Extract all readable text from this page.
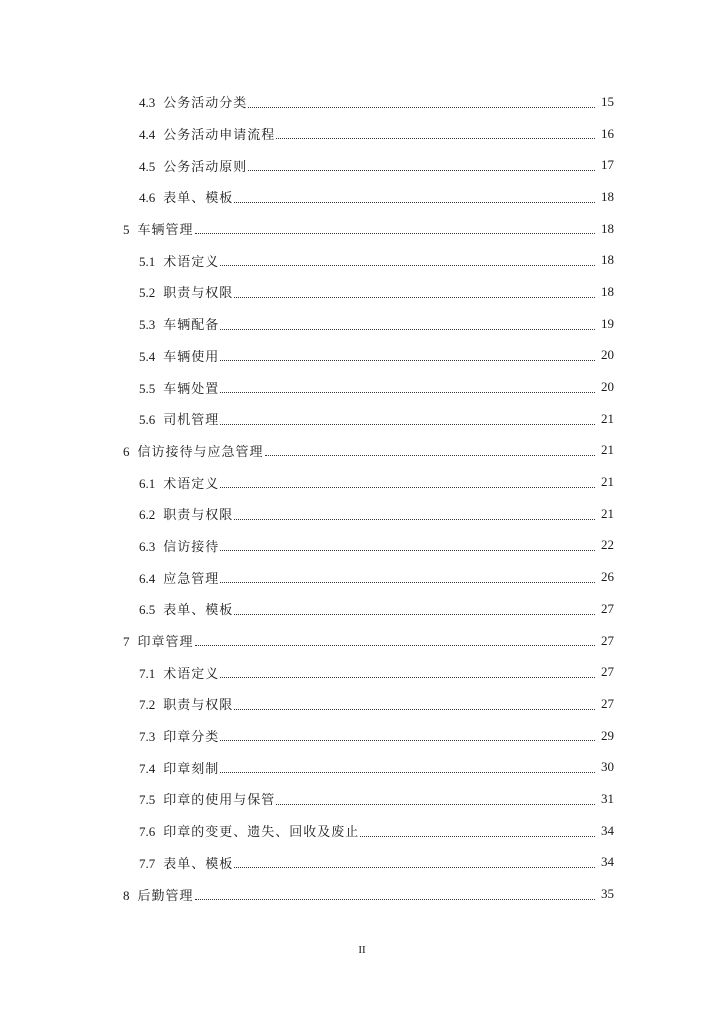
4.3 公务活动分类	15
4.4 公务活动申请流程	16
4.5 公务活动原则	17
4.6 表单、模板	18
5 车辆管理	18
5.1 术语定义	18
5.2 职责与权限	18
5.3 车辆配备	19
5.4 车辆使用	20
5.5 车辆处置	20
5.6 司机管理	21
6 信访接待与应急管理	21
6.1 术语定义	21
6.2 职责与权限	21
6.3 信访接待	22
6.4 应急管理	26
6.5 表单、模板	27
7 印章管理	27
7.1 术语定义	27
7.2 职责与权限	27
7.3 印章分类	29
7.4 印章刻制	30
7.5 印章的使用与保管	31
7.6 印章的变更、遗失、回收及废止	34
7.7 表单、模板	34
8 后勤管理	35
II
